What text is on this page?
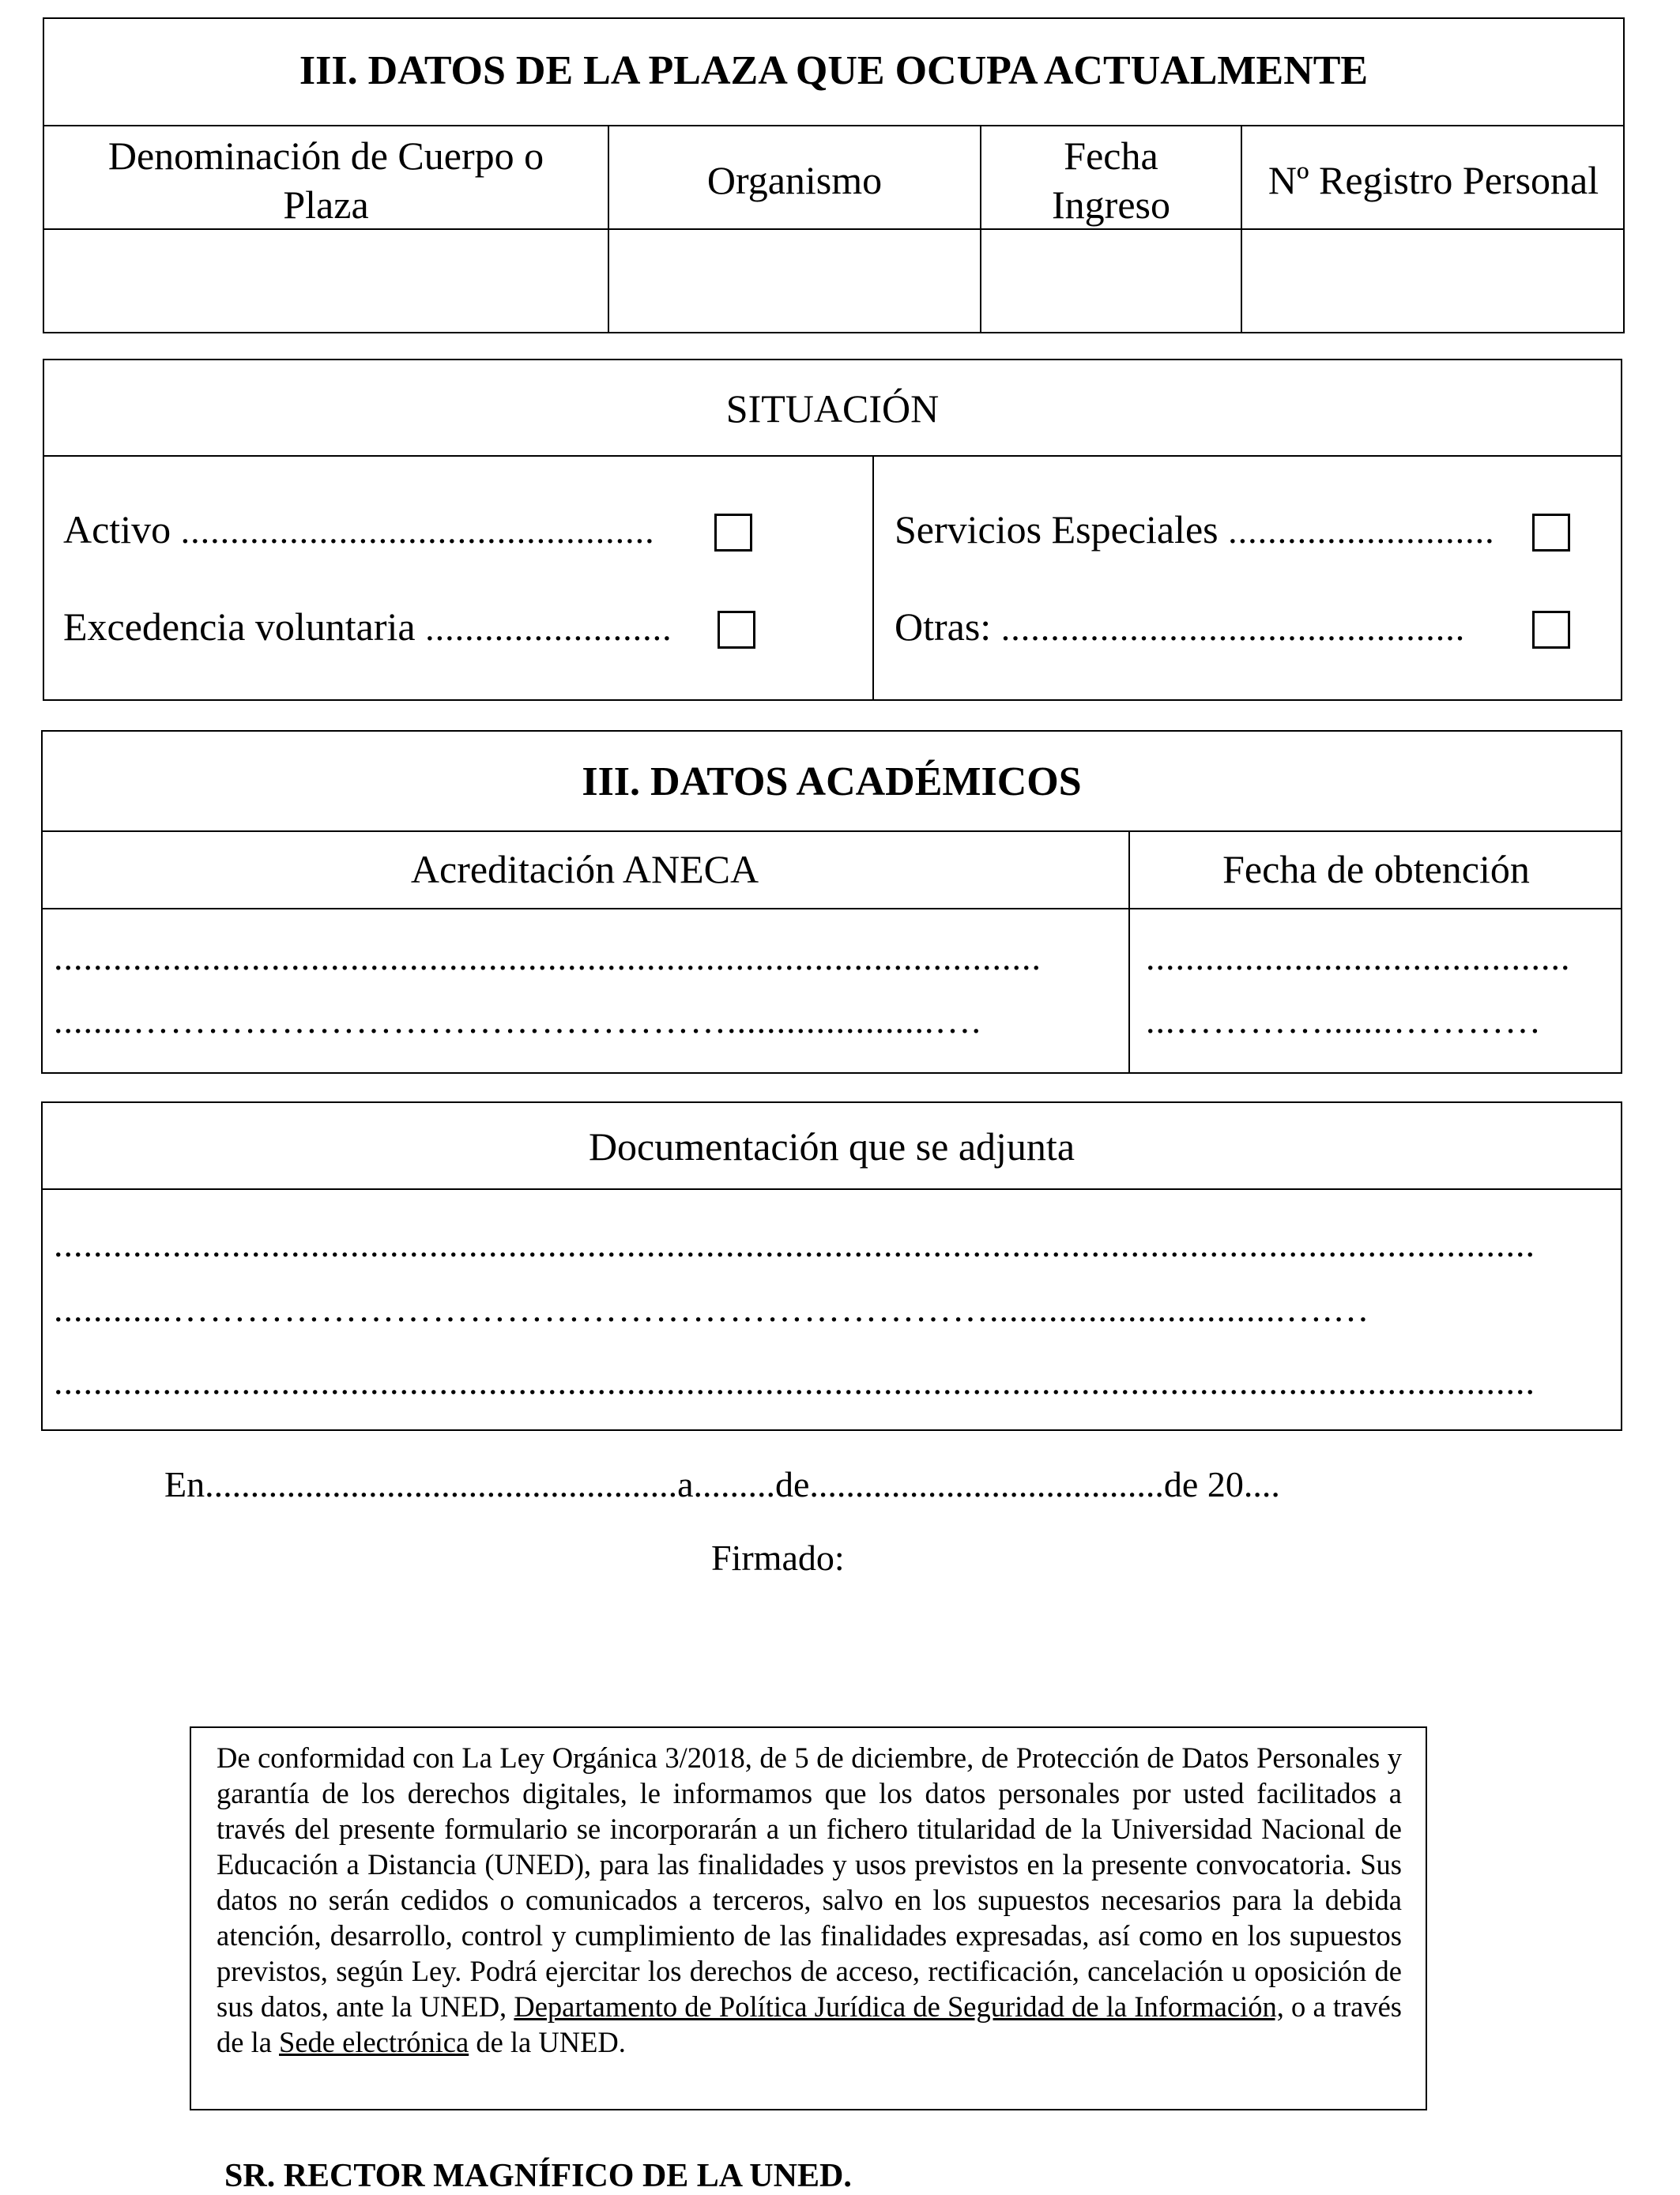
III. DATOS DE LA PLAZA QUE OCUPA ACTUALMENTE
Denominación de Cuerpo o
Plaza
Organismo
Fecha
Ingreso
Nº Registro Personal
SITUACIÓN
Activo ................................................
Excedencia voluntaria .........................
Servicios Especiales ...........................
Otras: ...............................................
III. DATOS ACADÉMICOS
Acreditación ANECA	Fecha de obtención
....................................................................................................
........………………………………………….....................….
...........................................
...………….......…………
Documentación que se adjunta
......................................................................................................................................................
............…………………………………………………………..............................….…
......................................................................................................................................................
En....................................................a.........de.......................................de 20....
Firmado:
De conformidad con La Ley Orgánica 3/2018, de 5 de diciembre, de Protección de Datos Personales y garantía de los derechos digitales, le informamos que los datos personales por usted facilitados a través del presente formulario se incorporarán a un fichero titularidad de la Universidad Nacional de Educación a Distancia (UNED), para las finalidades y usos previstos en la presente convocatoria. Sus datos no serán cedidos o comunicados a terceros, salvo en los supuestos necesarios para la debida atención, desarrollo, control y cumplimiento de las finalidades expresadas, así como en los supuestos previstos, según Ley. Podrá ejercitar los derechos de acceso, rectificación, cancelación u oposición de sus datos, ante la UNED, Departamento de Política Jurídica de Seguridad de la Información, o a través de la Sede electrónica de la UNED.
SR. RECTOR MAGNÍFICO DE LA UNED.
